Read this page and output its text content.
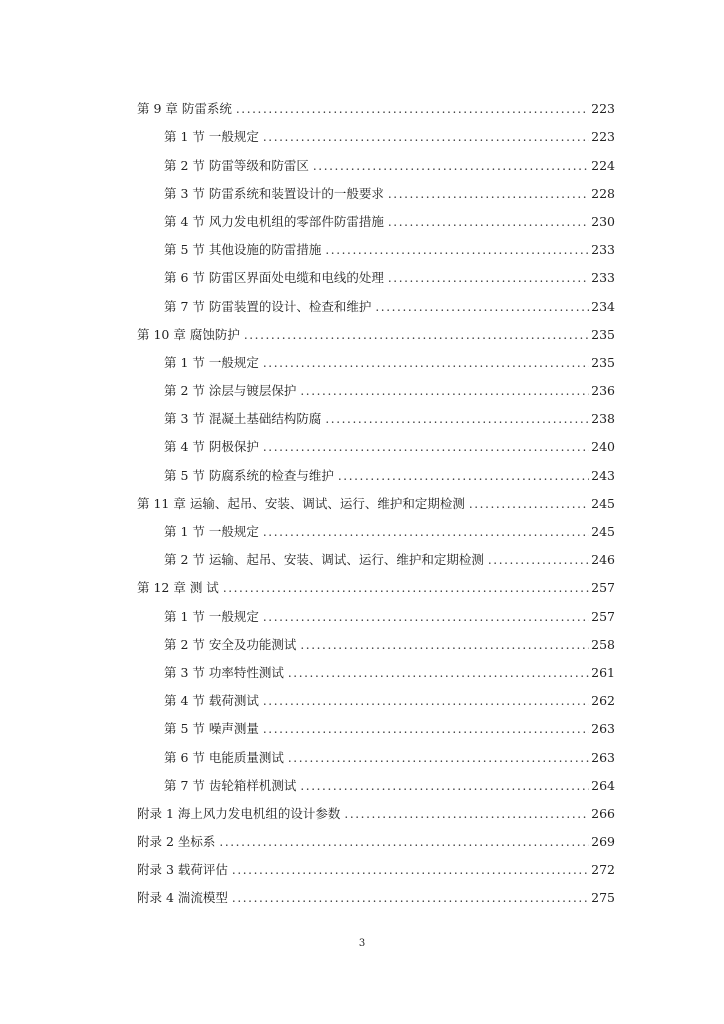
第 9 章 防雷系统 .....	223
第 1 节 一般规定 .....	223
第 2 节 防雷等级和防雷区 .....	224
第 3 节 防雷系统和装置设计的一般要求 .....	228
第 4 节 风力发电机组的零部件防雷措施 .....	230
第 5 节 其他设施的防雷措施 .....	233
第 6 节 防雷区界面处电缆和电线的处理 .....	233
第 7 节 防雷装置的设计、检查和维护 .....	234
第 10 章 腐蚀防护 .....	235
第 1 节 一般规定 .....	235
第 2 节 涂层与镀层保护 .....	236
第 3 节 混凝土基础结构防腐 .....	238
第 4 节 阴极保护 .....	240
第 5 节 防腐系统的检查与维护 .....	243
第 11 章 运输、起吊、安装、调试、运行、维护和定期检测 .....	245
第 1 节 一般规定 .....	245
第 2 节 运输、起吊、安装、调试、运行、维护和定期检测 .....	246
第 12 章 测 试 .....	257
第 1 节 一般规定 .....	257
第 2 节 安全及功能测试 .....	258
第 3 节 功率特性测试 .....	261
第 4 节 载荷测试 .....	262
第 5 节 噪声测量 .....	263
第 6 节 电能质量测试 .....	263
第 7 节 齿轮箱样机测试 .....	264
附录 1 海上风力发电机组的设计参数 .....	266
附录 2 坐标系 .....	269
附录 3 载荷评估 .....	272
附录 4 湍流模型 .....	275
3
